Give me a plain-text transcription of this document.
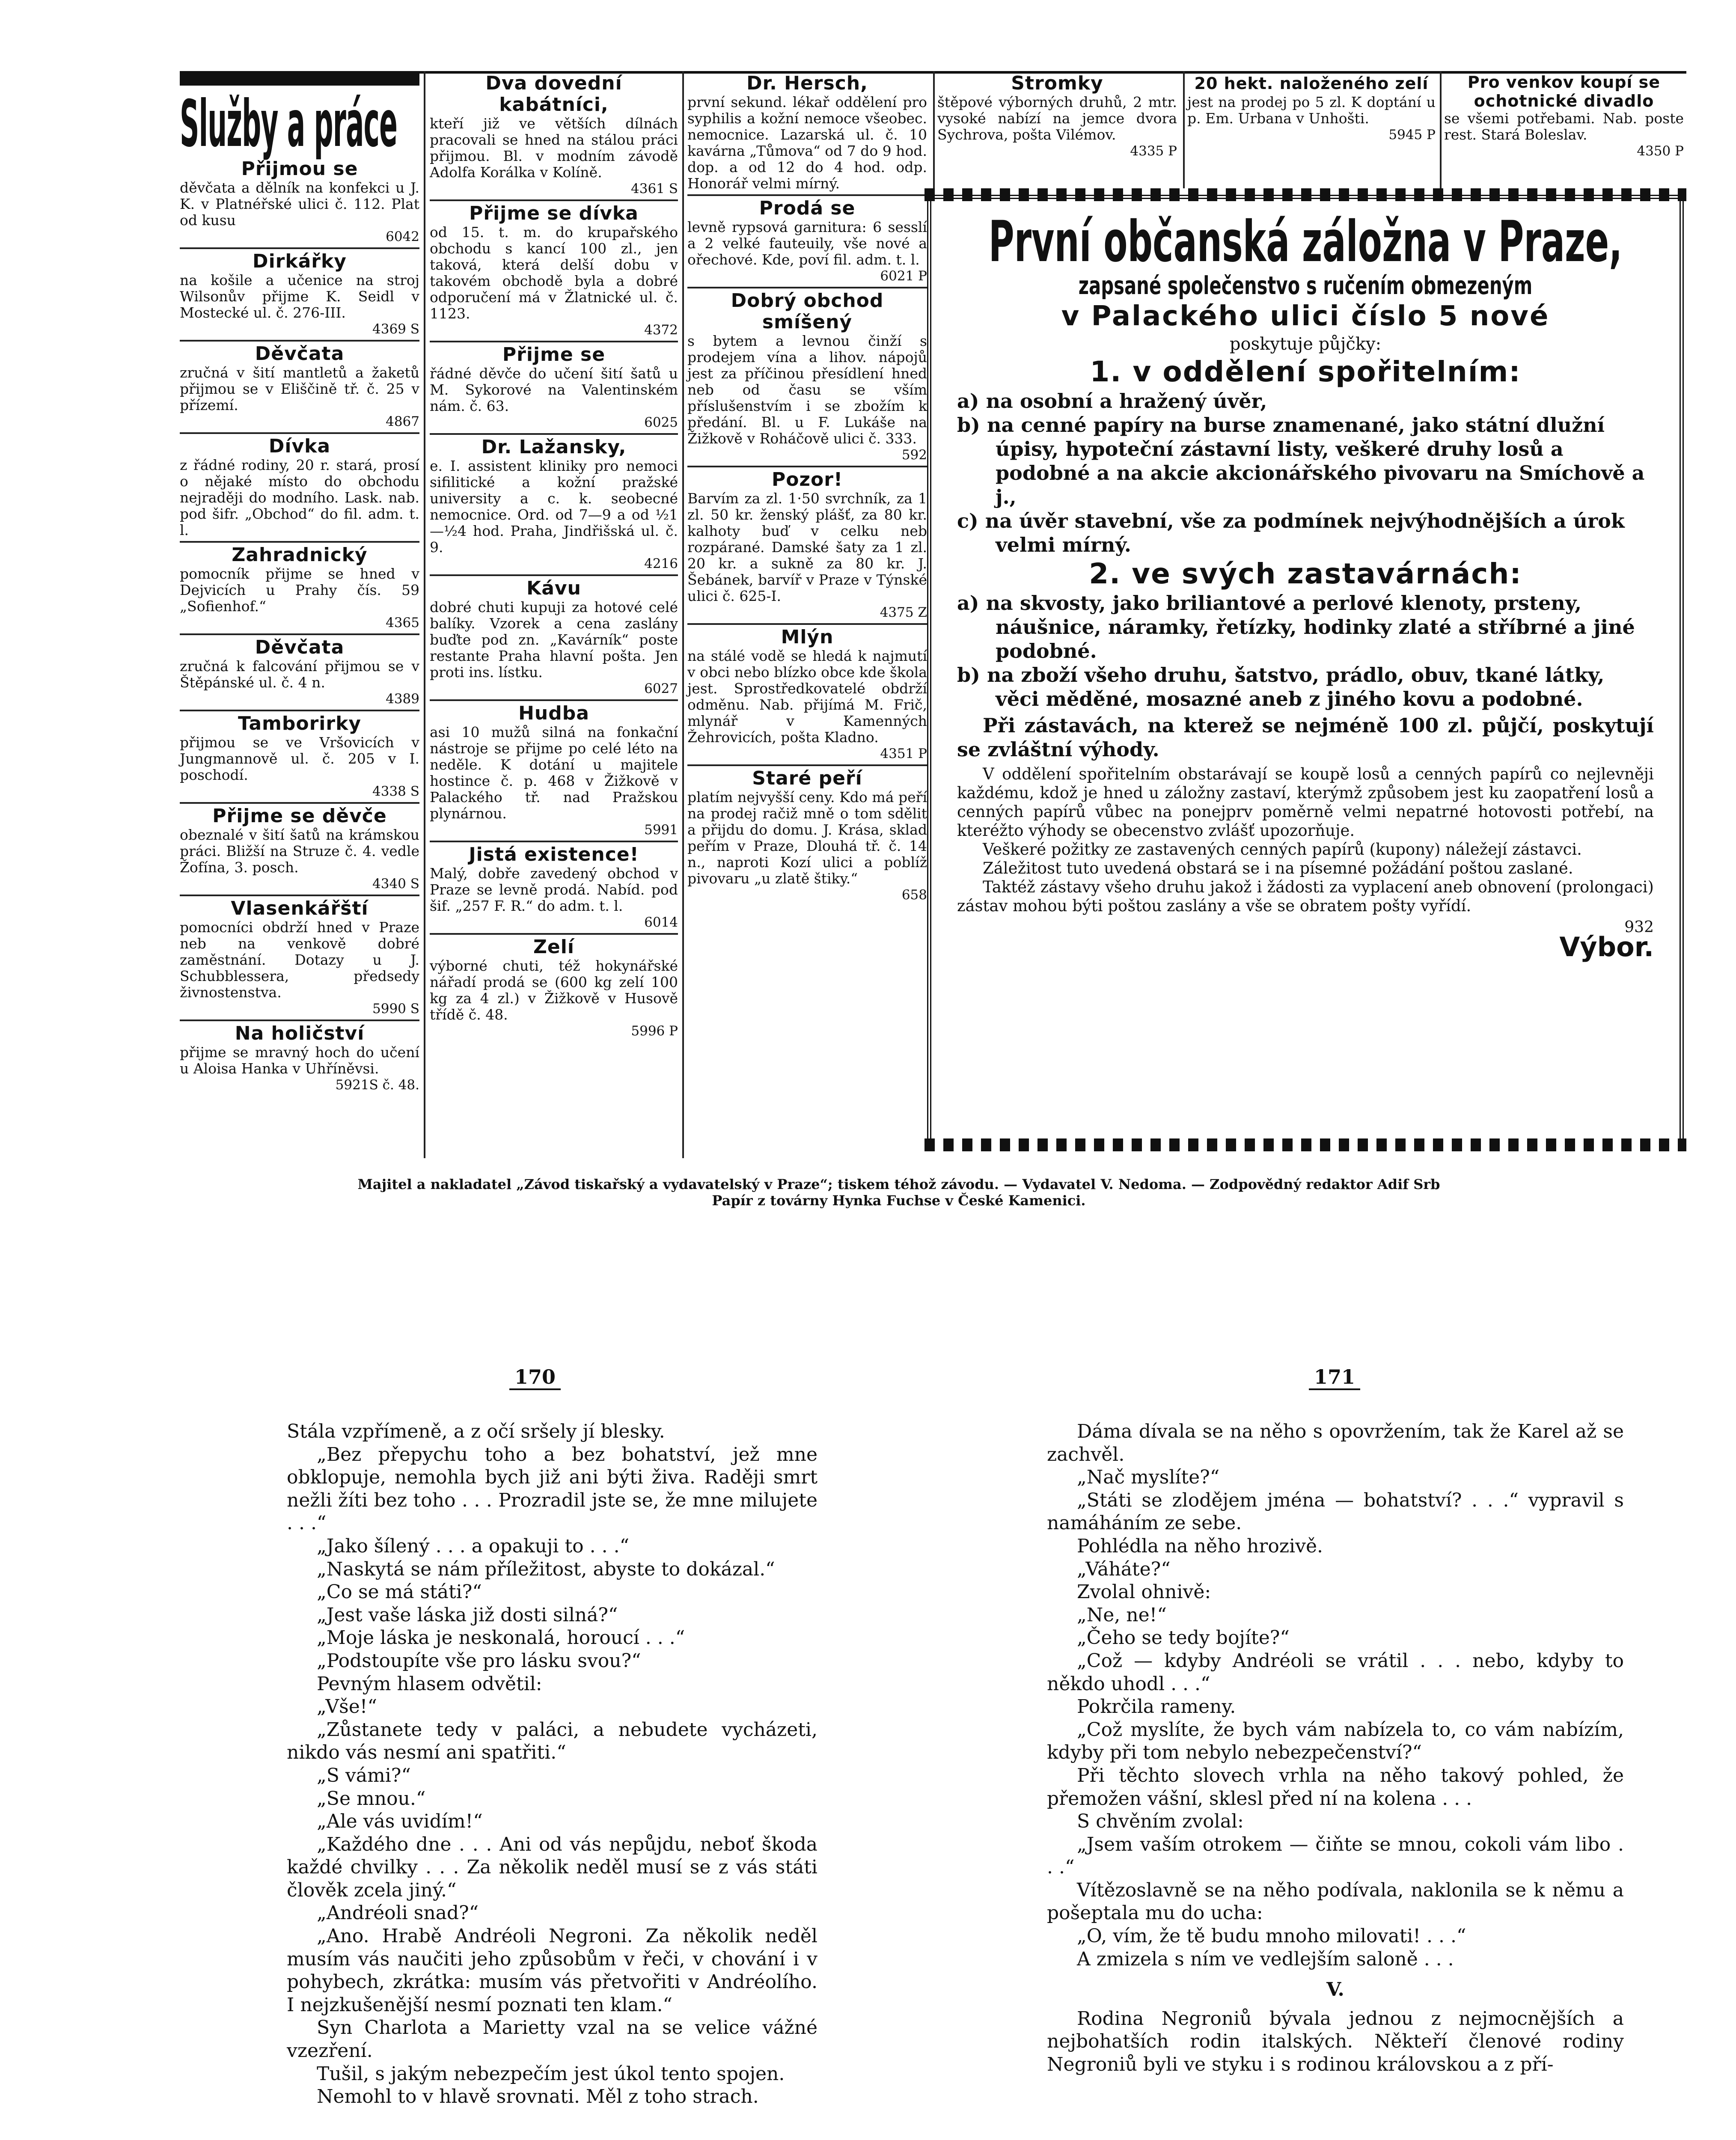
Služby a práce
Přijmou se
děvčata a dělník na konfekci u J. K. v Platnéřské ulici č. 112. Plat od kusu
6042
Dirkářky
na košile a učenice na stroj Wilsonův přijme K. Seidl v Mostecké ul. č. 276-III.
4369 S
Děvčata
zručná v šití mantletů a žaketů přijmou se v Eliščině tř. č. 25 v přízemí.
4867
Dívka
z řádné rodiny, 20 r. stará, prosí o nějaké místo do obchodu nejraději do modního. Lask. nab. pod šifr. „Obchod“ do fil. adm. t. l.
Zahradnický
pomocník přijme se hned v Dejvicích u Prahy čís. 59 „Sofienhof.“
4365
Děvčata
zručná k falcování přijmou se v Štěpánské ul. č. 4 n.
4389
Tamborirky
přijmou se ve Vršovicích v Jungmannově ul. č. 205 v I. poschodí.
4338 S
Přijme se děvče
obeznalé v šití šatů na krámskou práci. Bližší na Struze č. 4. vedle Žofína, 3. posch.
4340 S
Vlasenkářští
pomocníci obdrží hned v Praze neb na venkově dobré zaměstnání. Dotazy u J. Schubblessera, předsedy živnostenstva.
5990 S
Na holičství
přijme se mravný hoch do učení u Aloisa Hanka v Uhříněvsi.
5921S č. 48.
Dva dovední kabátníci,
kteří již ve větších dílnách pracovali se hned na stálou práci přijmou. Bl. v modním závodě Adolfa Korálka v Kolíně.
4361 S
Přijme se dívka
od 15. t. m. do krupařského obchodu s kancí 100 zl., jen taková, která delší dobu v takovém obchodě byla a dobré odporučení má v Žlatnické ul. č. 1123.
4372
Přijme se
řádné děvče do učení šití šatů u M. Sykorové na Valentinském nám. č. 63.
6025
Dr. Lažansky,
e. I. assistent kliniky pro nemoci sifilitické a kožní pražské university a c. k. seobecné nemocnice. Ord. od 7—9 a od ½1—½4 hod. Praha, Jindřišská ul. č. 9.
4216
Kávu
dobré chuti kupuji za hotové celé balíky. Vzorek a cena zaslány buďte pod zn. „Kavárník“ poste restante Praha hlavní pošta. Jen proti ins. lístku.
6027
Hudba
asi 10 mužů silná na fonkační nástroje se přijme po celé léto na neděle. K dotání u majitele hostince č. p. 468 v Žižkově v Palackého tř. nad Pražskou plynárnou.
5991
Jistá existence!
Malý, dobře zavedený obchod v Praze se levně prodá. Nabíd. pod šif. „257 F. R.“ do adm. t. l.
6014
Zelí
výborné chuti, též hokynářské nářadí prodá se (600 kg zelí 100 kg za 4 zl.) v Žižkově v Husově třídě č. 48.
5996 P
Dr. Hersch,
první sekund. lékař oddělení pro syphilis a kožní nemoce všeobec. nemocnice. Lazarská ul. č. 10 kavárna „Tůmova“ od 7 do 9 hod. dop. a od 12 do 4 hod. odp. Honorář velmi mírný.
Prodá se
levně rypsová garnitura: 6 sesslí a 2 velké fauteuily, vše nové a ořechové. Kde, poví fil. adm. t. l.
6021 P
Dobrý obchod smíšený
s bytem a levnou činží s prodejem vína a lihov. nápojů jest za příčinou přesídlení hned neb od času se vším příslušenstvím i se zbožím k předání. Bl. u F. Lukáše na Žižkově v Roháčově ulici č. 333.
592
Pozor!
Barvím za zl. 1·50 svrchník, za 1 zl. 50 kr. ženský plášť, za 80 kr. kalhoty buď v celku neb rozpárané. Damské šaty za 1 zl. 20 kr. a sukně za 80 kr. J. Šebánek, barvíř v Praze v Týnské ulici č. 625-I.
4375 Z
Mlýn
na stálé vodě se hledá k najmutí v obci nebo blízko obce kde škola jest. Sprostředkovatelé obdrží odměnu. Nab. přijímá M. Frič, mlynář v Kamenných Žehrovicích, pošta Kladno.
4351 P
Staré peří
platím nejvyšší ceny. Kdo má peří na prodej račiž mně o tom sdělit a přijdu do domu. J. Krása, sklad peřím v Praze, Dlouhá tř. č. 14 n., naproti Kozí ulici a poblíž pivovaru „u zlatě štiky.“
658
Stromky
štěpové výborných druhů, 2 mtr. vysoké nabízí na jemce dvora Sychrova, pošta Vilémov.
4335 P
20 hekt. naloženého zelí
jest na prodej po 5 zl. K doptání u p. Em. Urbana v Unhošti.
5945 P
Pro venkov koupí se ochotnické divadlo
se všemi potřebami. Nab. poste rest. Stará Boleslav.
4350 P
První občanská záložna v Praze,
zapsané společenstvo s ručením obmezeným
v Palackého ulici číslo 5 nové
poskytuje půjčky:
1. v oddělení spořitelním:
a) na osobní a hražený úvěr,
b) na cenné papíry na burse znamenané, jako státní dlužní úpisy, hypoteční zástavní listy, veškeré druhy losů a podobné a na akcie akcionářského pivovaru na Smíchově a j.,
c) na úvěr stavební, vše za podmínek nejvýhodnějších a úrok velmi mírný.
2. ve svých zastavárnách:
a) na skvosty, jako briliantové a perlové klenoty, prsteny, náušnice, náramky, řetízky, hodinky zlaté a stříbrné a jiné podobné.
b) na zboží všeho druhu, šatstvo, prádlo, obuv, tkané látky, věci měděné, mosazné aneb z jiného kovu a podobné.
Při zástavách, na kterež se nejméně 100 zl. půjčí, poskytují se zvláštní výhody.
V oddělení spořitelním obstarávají se koupě losů a cenných papírů co nejlevněji každému, kdož je hned u záložny zastaví, kterýmž způsobem jest ku zaopatření losů a cenných papírů vůbec na ponejprv poměrně velmi nepatrné hotovosti potřebí, na kteréžto výhody se obecenstvo zvlášť upozorňuje.
Veškeré požitky ze zastavených cenných papírů (kupony) náležejí zástavci.
Záležitost tuto uvedená obstará se i na písemné požádání poštou zaslané.
Taktéž zástavy všeho druhu jakož i žádosti za vyplacení aneb obnovení (prolongaci) zástav mohou býti poštou zaslány a vše se obratem pošty vyřídí.
932
Výbor.
Majitel a nakladatel „Závod tiskařský a vydavatelský v Praze“; tiskem téhož závodu. — Vydavatel V. Nedoma. — Zodpovědný redaktor Adif Srb
Papír z továrny Hynka Fuchse v České Kamenici.
170

Stála vzpřímeně, a z očí sršely jí blesky.

„Bez přepychu toho a bez bohatství, jež mne obklopuje, nemohla bych již ani býti živa. Raději smrt nežli žíti bez toho . . . Prozradil jste se, že mne milujete . . .“

„Jako šílený . . . a opakuji to . . .“

„Naskytá se nám příležitost, abyste to dokázal.“

„Co se má státi?“

„Jest vaše láska již dosti silná?“

„Moje láska je neskonalá, horoucí . . .“

„Podstoupíte vše pro lásku svou?“

Pevným hlasem odvětil:

„Vše!“

„Zůstanete tedy v paláci, a nebudete vycházeti, nikdo vás nesmí ani spatřiti.“

„S vámi?“

„Se mnou.“

„Ale vás uvidím!“

„Každého dne . . . Ani od vás nepůjdu, neboť škoda každé chvilky . . . Za několik neděl musí se z vás státi člověk zcela jiný.“

„Andréoli snad?“

„Ano. Hrabě Andréoli Negroni. Za několik neděl musím vás naučiti jeho způsobům v řeči, v chování i v pohybech, zkrátka: musím vás přetvořiti v Andréolího. I nejzkušenější nesmí poznati ten klam.“

Syn Charlota a Marietty vzal na se velice vážné vzezření.

Tušil, s jakým nebezpečím jest úkol tento spojen.

Nemohl to v hlavě srovnati. Měl z toho strach.

171

Dáma dívala se na něho s opovržením, tak že Karel až se zachvěl.

„Nač myslíte?“

„Státi se zlodějem jména — bohatství? . . .“ vypravil s namáháním ze sebe.

Pohlédla na něho hrozivě.

„Váháte?“

Zvolal ohnivě:

„Ne, ne!“

„Čeho se tedy bojíte?“

„Což — kdyby Andréoli se vrátil . . . nebo, kdyby to někdo uhodl . . .“

Pokrčila rameny.

„Což myslíte, že bych vám nabízela to, co vám nabízím, kdyby při tom nebylo nebezpečenství?“

Při těchto slovech vrhla na něho takový pohled, že přemožen vášní, sklesl před ní na kolena . . .

S chvěním zvolal:

„Jsem vaším otrokem — čiňte se mnou, cokoli vám libo . . .“

Vítězoslavně se na něho podívala, naklonila se k němu a pošeptala mu do ucha:

„O, vím, že tě budu mnoho milovati! . . .“

A zmizela s ním ve vedlejším saloně . . .

V.

Rodina Negroniů bývala jednou z nejmocnějších a nejbohatších rodin italských. Někteří členové rodiny Negroniů byli ve styku i s rodinou královskou a z pří-
